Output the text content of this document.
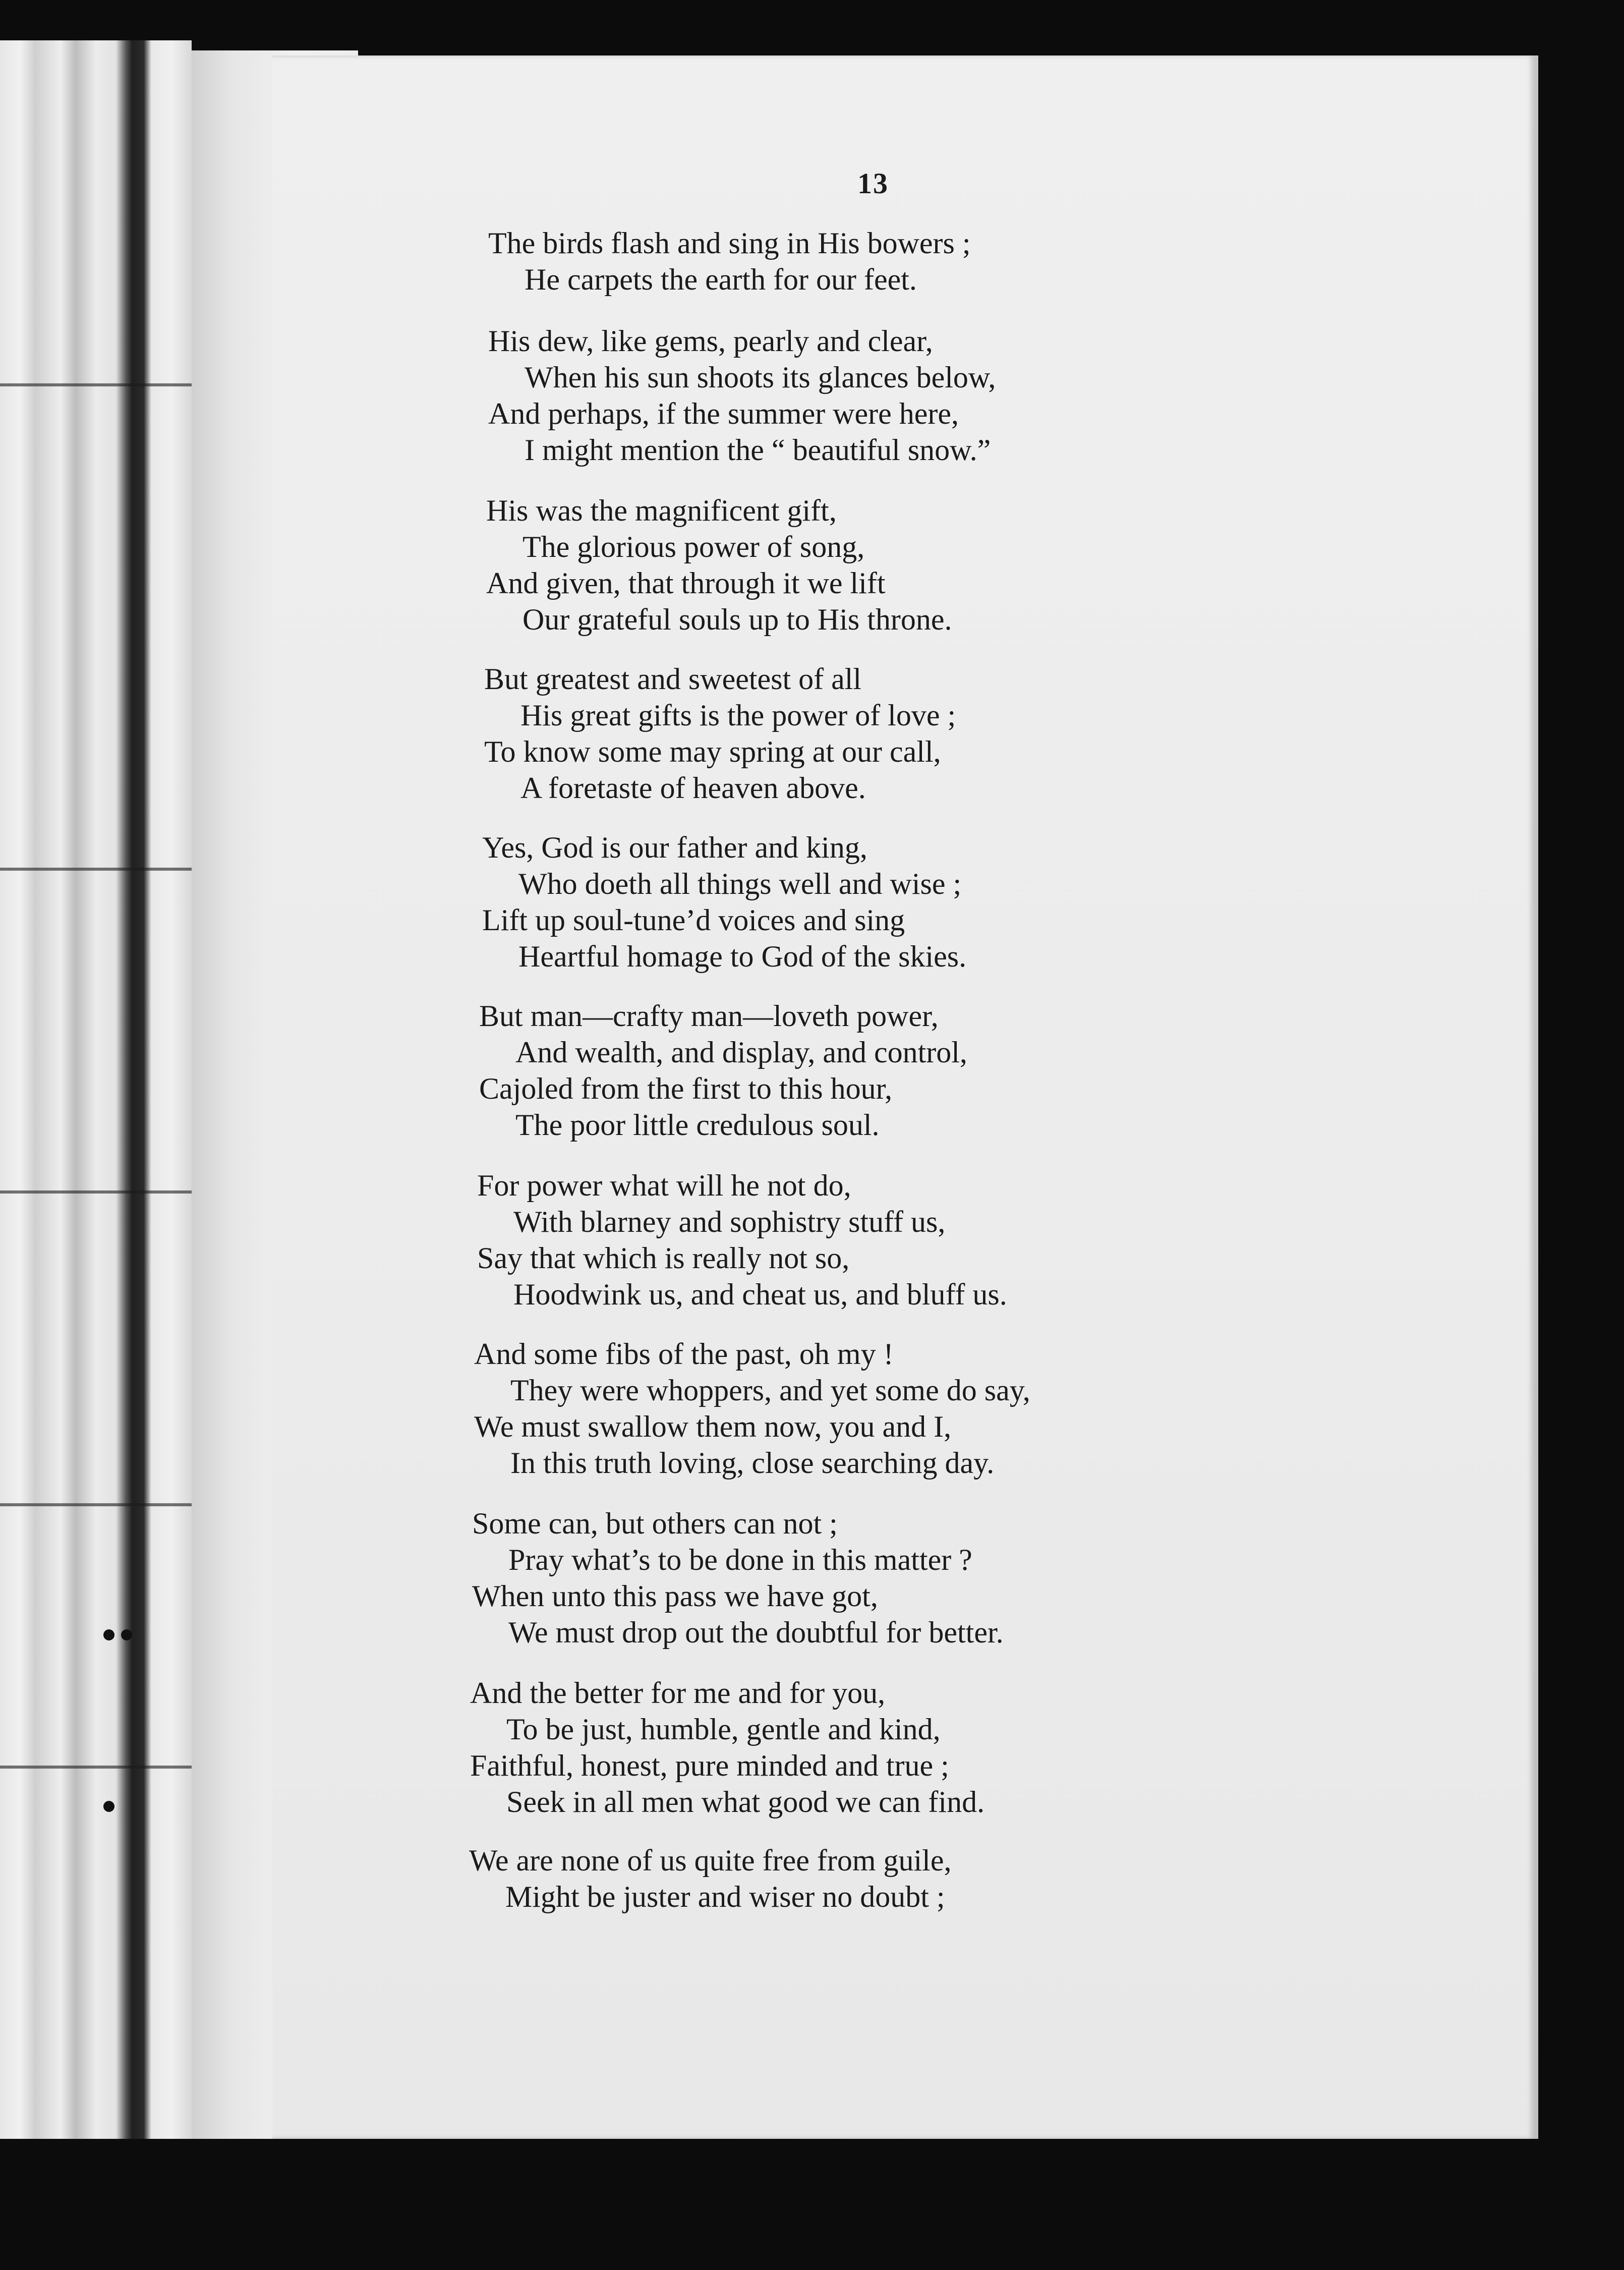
13
The birds flash and sing in His bowers ;
He carpets the earth for our feet.
His dew, like gems, pearly and clear,
When his sun shoots its glances below,
And perhaps, if the summer were here,
I might mention the “ beautiful snow.”
His was the magnificent gift,
The glorious power of song,
And given, that through it we lift
Our grateful souls up to His throne.
But greatest and sweetest of all
His great gifts is the power of love ;
To know some may spring at our call,
A foretaste of heaven above.
Yes, God is our father and king,
Who doeth all things well and wise ;
Lift up soul-tune’d voices and sing
Heartful homage to God of the skies.
But man—crafty man—loveth power,
And wealth, and display, and control,
Cajoled from the first to this hour,
The poor little credulous soul.
For power what will he not do,
With blarney and sophistry stuff us,
Say that which is really not so,
Hoodwink us, and cheat us, and bluff us.
And some fibs of the past, oh my !
They were whoppers, and yet some do say,
We must swallow them now, you and I,
In this truth loving, close searching day.
Some can, but others can not ;
Pray what’s to be done in this matter ?
When unto this pass we have got,
We must drop out the doubtful for better.
And the better for me and for you,
To be just, humble, gentle and kind,
Faithful, honest, pure minded and true ;
Seek in all men what good we can find.
We are none of us quite free from guile,
Might be juster and wiser no doubt ;
